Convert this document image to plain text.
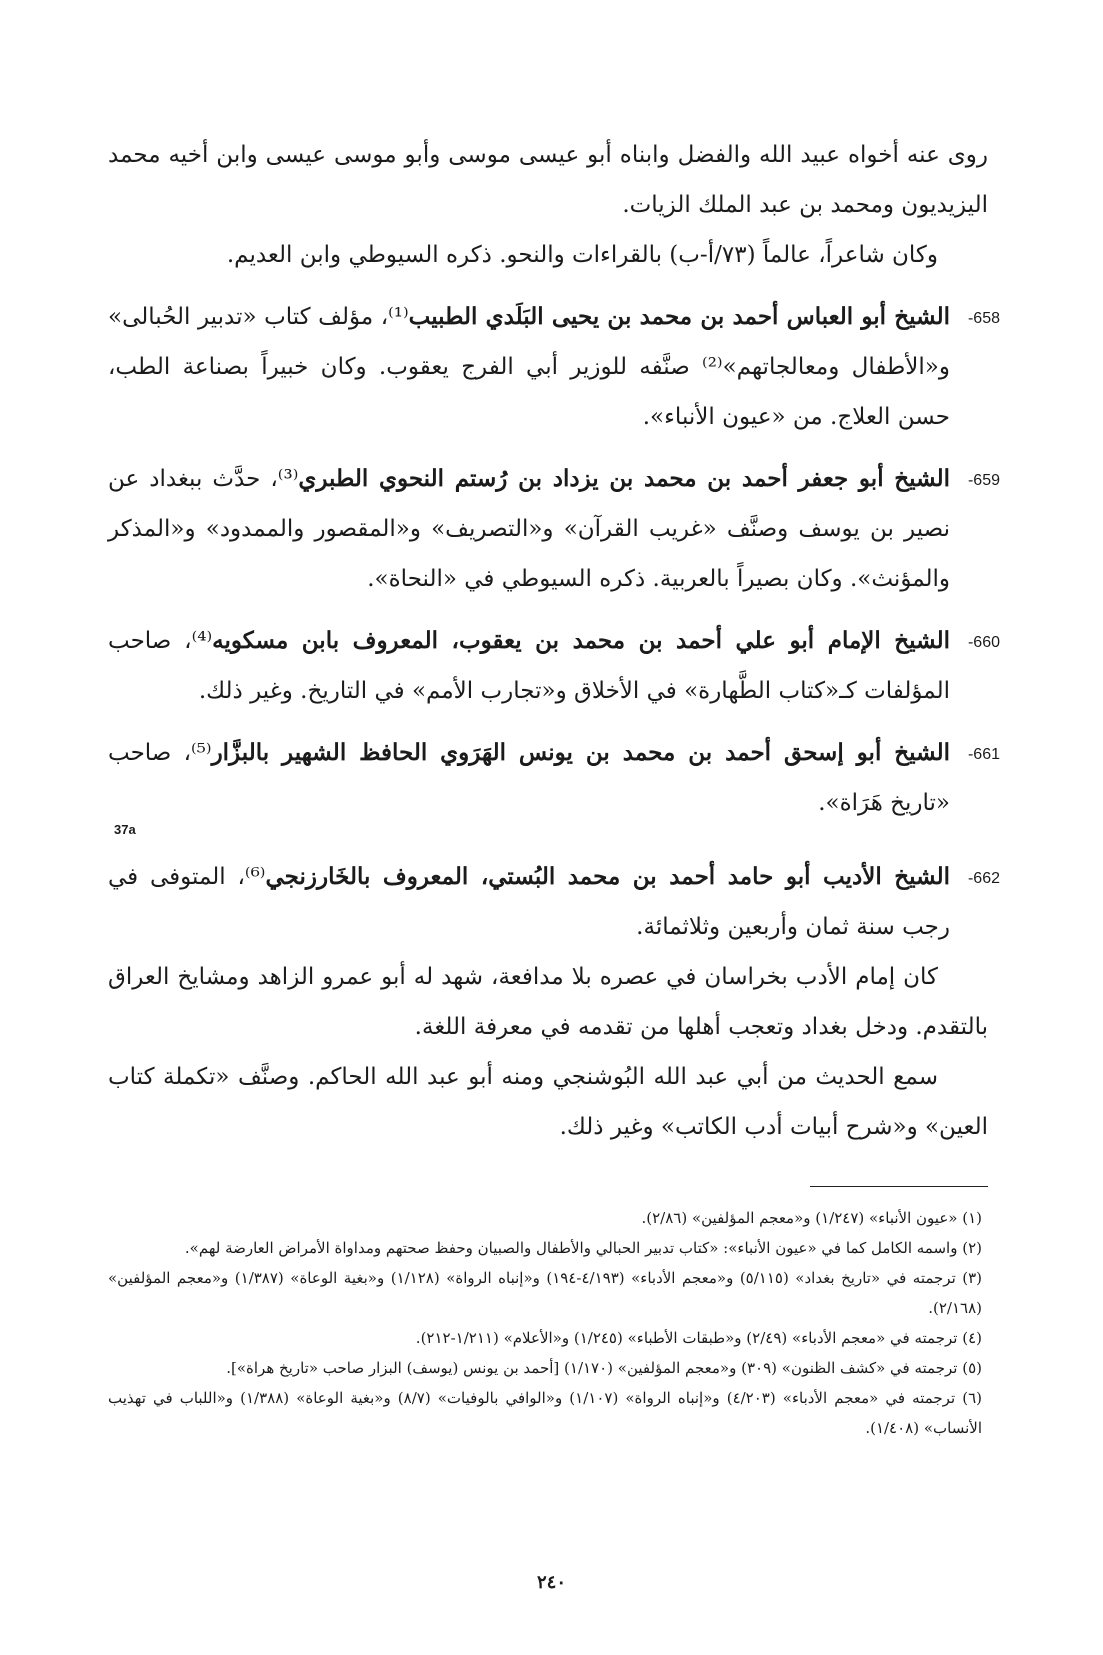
روى عنه أخواه عبيد الله والفضل وابناه أبو عيسى موسى وأبو موسى عيسى وابن أخيه محمد اليزيديون ومحمد بن عبد الملك الزيات.

وكان شاعراً، عالماً (٧٣/أ-ب) بالقراءات والنحو. ذكره السيوطي وابن العديم.

-658
الشيخ أبو العباس أحمد بن محمد بن يحيى البَلَدي الطبيب⁽¹⁾، مؤلف كتاب «تدبير الحُبالى» و«الأطفال ومعالجاتهم»⁽²⁾ صنَّفه للوزير أبي الفرج يعقوب. وكان خبيراً بصناعة الطب، حسن العلاج. من «عيون الأنباء».
-659
الشيخ أبو جعفر أحمد بن محمد بن يزداد بن رُستم النحوي الطبري⁽³⁾، حدَّث ببغداد عن نصير بن يوسف وصنَّف «غريب القرآن» و«التصريف» و«المقصور والممدود» و«المذكر والمؤنث». وكان بصيراً بالعربية. ذكره السيوطي في «النحاة».
-660
الشيخ الإمام أبو علي أحمد بن محمد بن يعقوب، المعروف بابن مسكويه⁽⁴⁾، صاحب المؤلفات كـ«كتاب الطَّهارة» في الأخلاق و«تجارب الأمم» في التاريخ. وغير ذلك.
-661
الشيخ أبو إسحق أحمد بن محمد بن يونس الهَرَوي الحافظ الشهير بالبزَّار⁽⁵⁾، صاحب «تاريخ هَرَاة».
37a
-662
الشيخ الأديب أبو حامد أحمد بن محمد البُستي، المعروف بالخَارزنجي⁽⁶⁾، المتوفى في رجب سنة ثمان وأربعين وثلاثمائة.

كان إمام الأدب بخراسان في عصره بلا مدافعة، شهد له أبو عمرو الزاهد ومشايخ العراق بالتقدم. ودخل بغداد وتعجب أهلها من تقدمه في معرفة اللغة.

سمع الحديث من أبي عبد الله البُوشنجي ومنه أبو عبد الله الحاكم. وصنَّف «تكملة كتاب العين» و«شرح أبيات أدب الكاتب» وغير ذلك.

(١) «عيون الأنباء» (١/٢٤٧) و«معجم المؤلفين» (٢/٨٦).

(٢) واسمه الكامل كما في «عيون الأنباء»: «كتاب تدبير الحبالي والأطفال والصبيان وحفظ صحتهم ومداواة الأمراض العارضة لهم».

(٣) ترجمته في «تاريخ بغداد» (٥/١١٥) و«معجم الأدباء» (٤/١٩٣-١٩٤) و«إنباه الرواة» (١/١٢٨) و«بغية الوعاة» (١/٣٨٧) و«معجم المؤلفين» (٢/١٦٨).

(٤) ترجمته في «معجم الأدباء» (٢/٤٩) و«طبقات الأطباء» (١/٢٤٥) و«الأعلام» (١/٢١١-٢١٢).

(٥) ترجمته في «كشف الظنون» (٣٠٩) و«معجم المؤلفين» (١/١٧٠) [أحمد بن يونس (يوسف) البزار صاحب «تاريخ هراة»].

(٦) ترجمته في «معجم الأدباء» (٤/٢٠٣) و«إنباه الرواة» (١/١٠٧) و«الوافي بالوفيات» (٨/٧) و«بغية الوعاة» (١/٣٨٨) و«اللباب في تهذيب الأنساب» (١/٤٠٨).

٢٤٠
